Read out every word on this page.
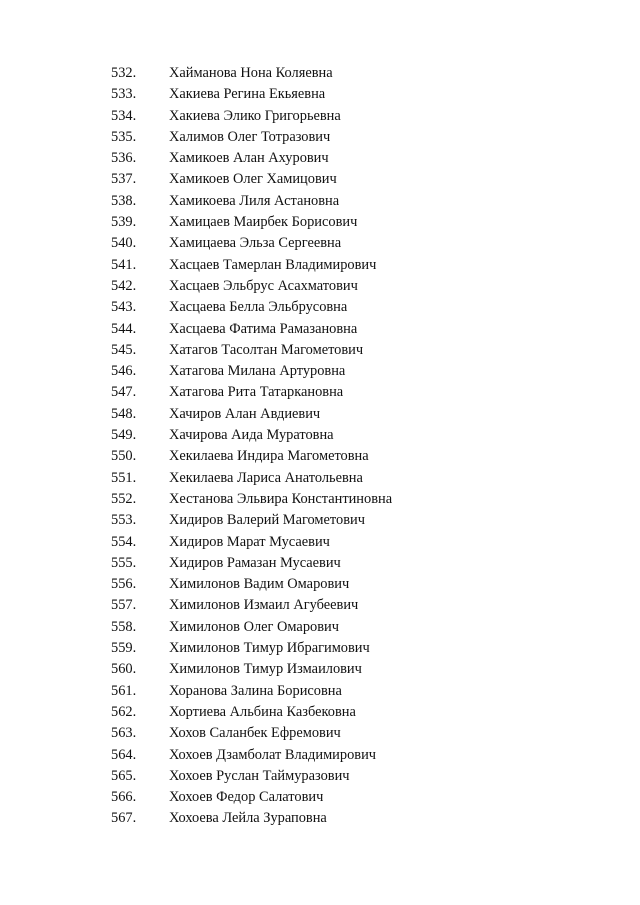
532. Хайманова Нона Коляевна
533. Хакиева Регина Екьяевна
534. Хакиева Элико Григорьевна
535. Халимов Олег Тотразович
536. Хамикоев Алан Ахурович
537. Хамикоев Олег Хамицович
538. Хамикоева Лиля Астановна
539. Хамицаев Маирбек Борисович
540. Хамицаева Эльза Сергеевна
541. Хасцаев Тамерлан Владимирович
542. Хасцаев Эльбрус Асахматович
543. Хасцаева Белла Эльбрусовна
544. Хасцаева Фатима Рамазановна
545. Хатагов Тасолтан Магометович
546. Хатагова Милана Артуровна
547. Хатагова Рита Татаркановна
548. Хачиров Алан Авдиевич
549. Хачирова Аида Муратовна
550. Хекилаева Индира Магометовна
551. Хекилаева Лариса Анатольевна
552. Хестанова Эльвира Константиновна
553. Хидиров Валерий Магометович
554. Хидиров Марат Мусаевич
555. Хидиров Рамазан Мусаевич
556. Химилонов Вадим Омарович
557. Химилонов Измаил Агубеевич
558. Химилонов Олег Омарович
559. Химилонов Тимур Ибрагимович
560. Химилонов Тимур Измаилович
561. Хоранова Залина Борисовна
562. Хортиева Альбина Казбековна
563. Хохов Саланбек Ефремович
564. Хохоев Дзамболат Владимирович
565. Хохоев Руслан Таймуразович
566. Хохоев Федор Салатович
567. Хохоева Лейла Зураповна
